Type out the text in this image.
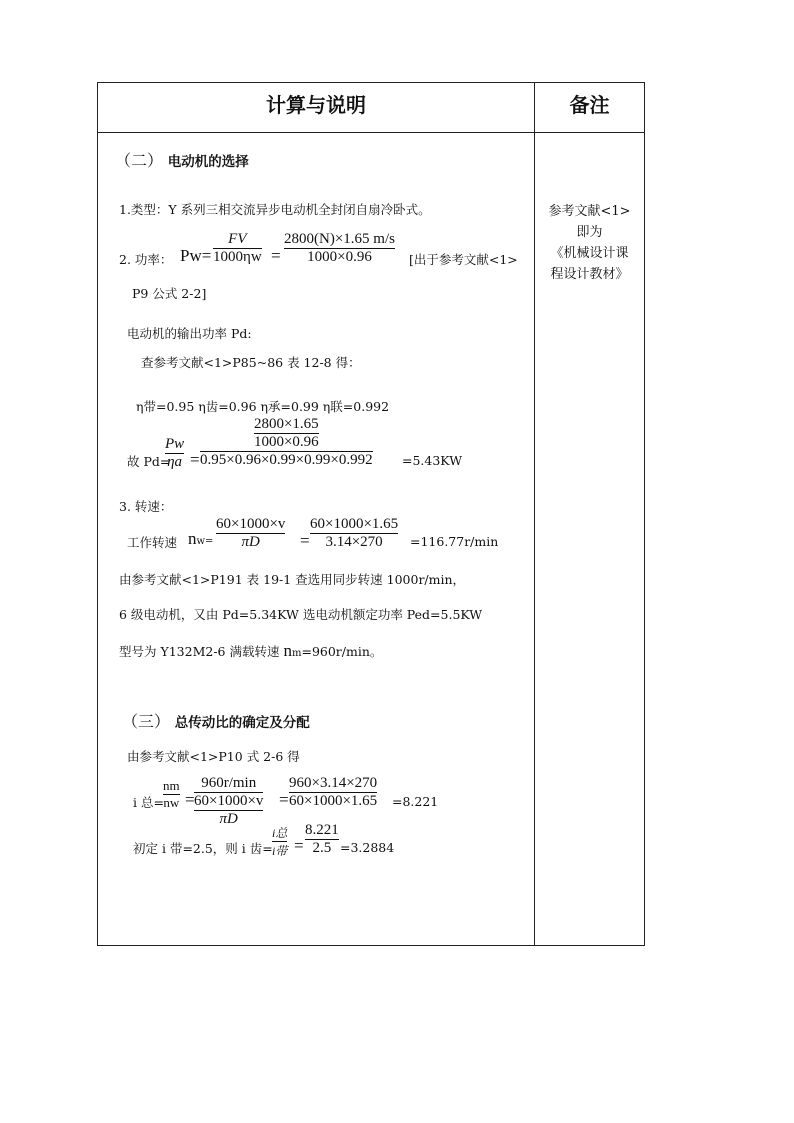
计算与说明	备注
参考文献<1>
即为
《机械设计课
程设计教材》
（二） 电动机的选择
1.类型：Y 系列三相交流异步电动机全封闭自扇冷卧式。
2. 功率： Pw=
FV
1000ηw =
2800(N)×1.65 m/s
1000×0.96	[出于参考文献<1>
P9 公式 2-2]
电动机的输出功率 Pd:
查参考文献<1>P85~86 表 12-8 得：
η带=0.95 η齿=0.96 η承=0.99 η联=0.992
故 Pd=
Pw
ηa =
$\frac{2800\times 1.65}{1000\times 0.96}$
0.95×0.96×0.99×0.99×0.992 =5.43KW
3. 转速：
工作转速 nw=
60×1000×v
πD	=
60×1000×1.65
3.14×270	=116.77r/min
由参考文献<1>P191 表 19-1 查选用同步转速 1000r/min，
6 级电动机，又由 Pd=5.34KW 选电动机额定功率 Ped=5.5KW
型号为 Y132M2-6 满载转速 nm=960r/min。
（三） 总传动比的确定及分配
由参考文献<1>P10 式 2-6 得
i 总=
nm
nw =
960r/min
$\frac{60\times 1000\times v}{\pi D}$ =
960×3.14×270
60×1000×1.65 =8.221
初定 i 带=2.5，则 i 齿=
i总
i带 =
8.221
2.5 =3.2884
